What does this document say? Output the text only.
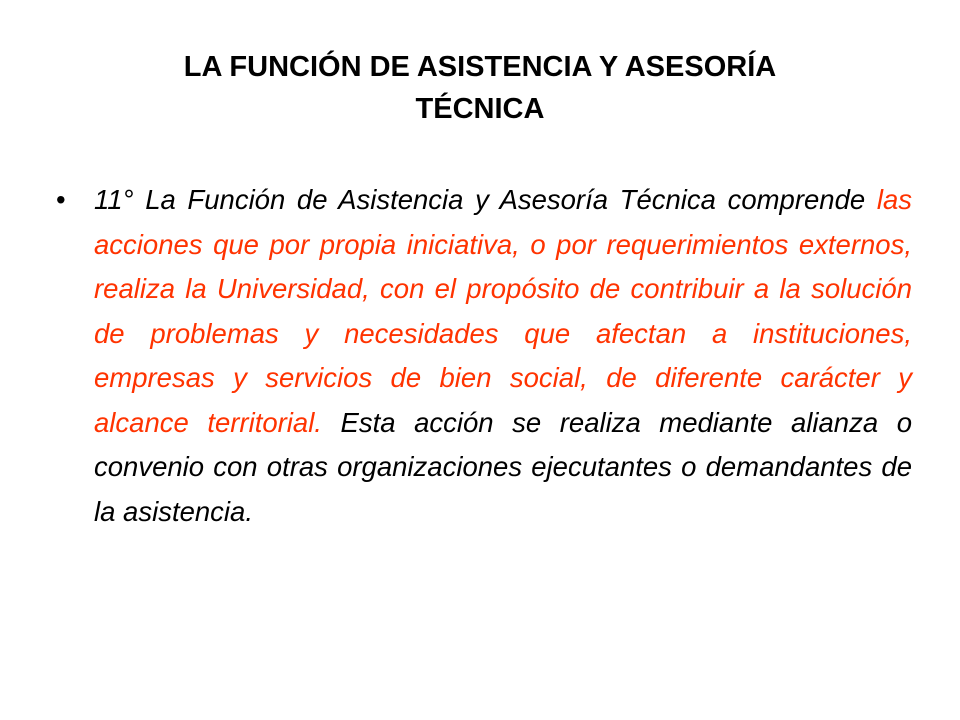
LA FUNCIÓN DE ASISTENCIA Y ASESORÍA
TÉCNICA
• 11° La Función de Asistencia y Asesoría Técnica comprende las acciones que por propia iniciativa, o por requerimientos externos, realiza la Universidad, con el propósito de contribuir a la solución de problemas y necesidades que afectan a instituciones, empresas y servicios de bien social, de diferente carácter y alcance territorial. Esta acción se realiza mediante alianza o convenio con otras organizaciones ejecutantes o demandantes de la asistencia.
